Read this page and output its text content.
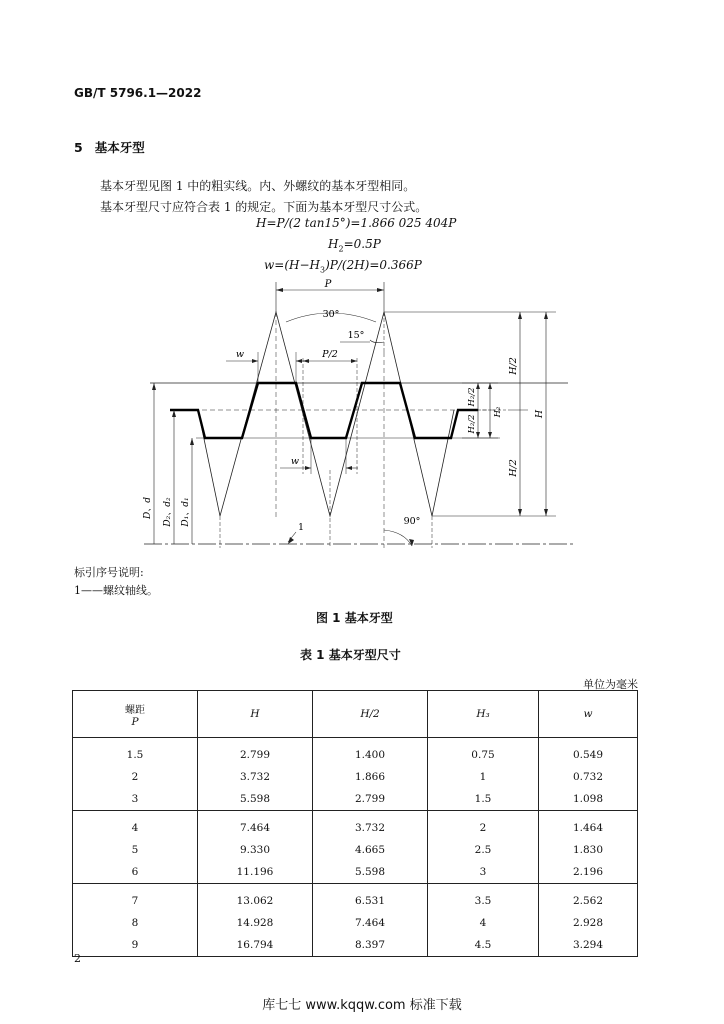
GB/T 5796.1—2022
5 基本牙型
基本牙型见图 1 中的粗实线。内、外螺纹的基本牙型相同。
基本牙型尺寸应符合表 1 的规定。下面为基本牙型尺寸公式。
H=P/(2 tan15°)=1.866 025 404P
$H_2=0.5P$
$w=(H-H_3)P/(2H)=0.366P$
P
30°
15°
P/2
w
w
H/2
H/2
H
H₂/2
H₂/2
H₂
D、d D₂、d₂ D₁、d₁	90°
1
标引序号说明:
1——螺纹轴线。
图 1 基本牙型
表 1 基本牙型尺寸
单位为毫米
螺距
P	H	H/2	H₃	w
1.5	2.799	1.400	0.75	0.549
2	3.732	1.866	1	0.732
3	5.598	2.799	1.5	1.098
4	7.464	3.732	2	1.464
5	9.330	4.665	2.5	1.830
6	11.196	5.598	3	2.196
7	13.062	6.531	3.5	2.562
8	14.928	7.464	4	2.928
9	16.794	8.397	4.5	3.294
2
库七七 www.kqqw.com 标准下载
